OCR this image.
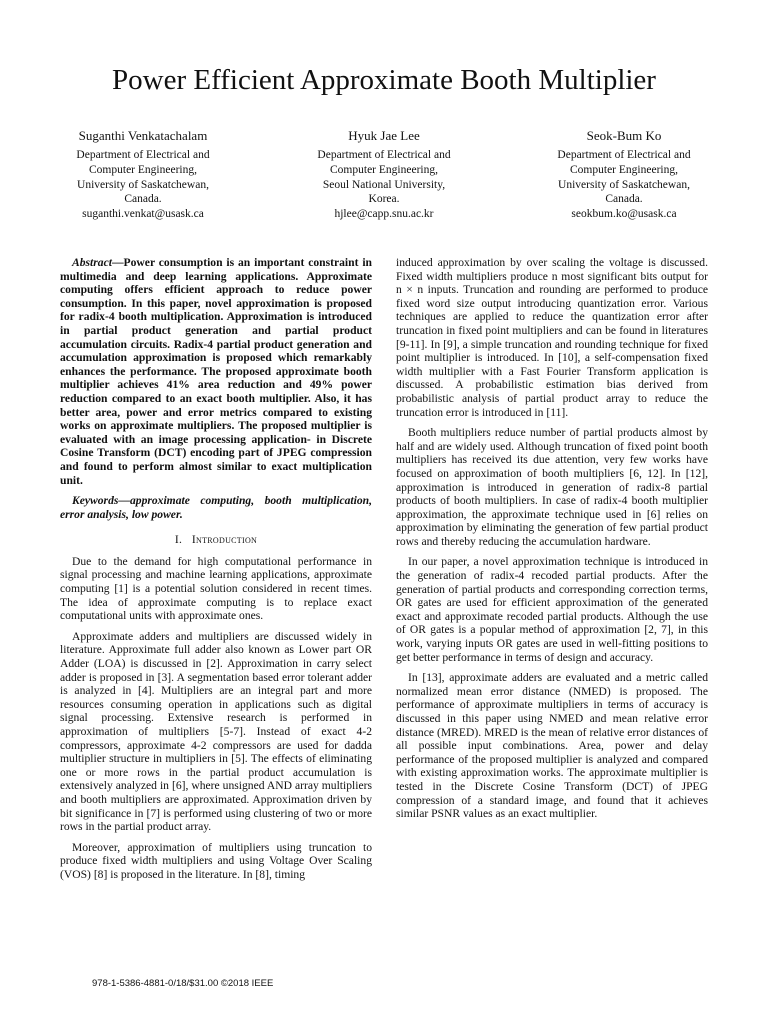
Power Efficient Approximate Booth Multiplier
Suganthi Venkatachalam
Department of Electrical and
Computer Engineering,
University of Saskatchewan,
Canada.
suganthi.venkat@usask.ca
Hyuk Jae Lee
Department of Electrical and
Computer Engineering,
Seoul National University,
Korea.
hjlee@capp.snu.ac.kr
Seok-Bum Ko
Department of Electrical and
Computer Engineering,
University of Saskatchewan,
Canada.
seokbum.ko@usask.ca

Abstract—Power consumption is an important constraint in multimedia and deep learning applications. Approximate computing offers efficient approach to reduce power consumption. In this paper, novel approximation is proposed for radix-4 booth multiplication. Approximation is introduced in partial product generation and partial product accumulation circuits. Radix-4 partial product generation and accumulation approximation is proposed which remarkably enhances the performance. The proposed approximate booth multiplier achieves 41% area reduction and 49% power reduction compared to an exact booth multiplier. Also, it has better area, power and error metrics compared to existing works on approximate multipliers. The proposed multiplier is evaluated with an image processing application- in Discrete Cosine Transform (DCT) encoding part of JPEG compression and found to perform almost similar to exact multiplication unit.

Keywords—approximate computing, booth multiplication, error analysis, low power.

I. Introduction

Due to the demand for high computational performance in signal processing and machine learning applications, approximate computing [1] is a potential solution considered in recent times. The idea of approximate computing is to replace exact computational units with approximate ones.

Approximate adders and multipliers are discussed widely in literature. Approximate full adder also known as Lower part OR Adder (LOA) is discussed in [2]. Approximation in carry select adder is proposed in [3]. A segmentation based error tolerant adder is analyzed in [4]. Multipliers are an integral part and more resources consuming operation in applications such as digital signal processing. Extensive research is performed in approximation of multipliers [5-7]. Instead of exact 4-2 compressors, approximate 4-2 compressors are used for dadda multiplier structure in multipliers in [5]. The effects of eliminating one or more rows in the partial product accumulation is extensively analyzed in [6], where unsigned AND array multipliers and booth multipliers are approximated. Approximation driven by bit significance in [7] is performed using clustering of two or more rows in the partial product array.

Moreover, approximation of multipliers using truncation to produce fixed width multipliers and using Voltage Over Scaling (VOS) [8] is proposed in the literature. In [8], timing

induced approximation by over scaling the voltage is discussed. Fixed width multipliers produce n most significant bits output for n × n inputs. Truncation and rounding are performed to produce fixed word size output introducing quantization error. Various techniques are applied to reduce the quantization error after truncation in fixed point multipliers and can be found in literatures [9-11]. In [9], a simple truncation and rounding technique for fixed point multiplier is introduced. In [10], a self-compensation fixed width multiplier with a Fast Fourier Transform application is discussed. A probabilistic estimation bias derived from probabilistic analysis of partial product array to reduce the truncation error is introduced in [11].

Booth multipliers reduce number of partial products almost by half and are widely used. Although truncation of fixed point booth multipliers has received its due attention, very few works have focused on approximation of booth multipliers [6, 12]. In [12], approximation is introduced in generation of radix-8 partial products of booth multipliers. In case of radix-4 booth multiplier approximation, the approximate technique used in [6] relies on approximation by eliminating the generation of few partial product rows and thereby reducing the accumulation hardware.

In our paper, a novel approximation technique is introduced in the generation of radix-4 recoded partial products. After the generation of partial products and corresponding correction terms, OR gates are used for efficient approximation of the generated exact and approximate recoded partial products. Although the use of OR gates is a popular method of approximation [2, 7], in this work, varying inputs OR gates are used in well-fitting positions to get better performance in terms of design and accuracy.

In [13], approximate adders are evaluated and a metric called normalized mean error distance (NMED) is proposed. The performance of approximate multipliers in terms of accuracy is discussed in this paper using NMED and mean relative error distance (MRED). MRED is the mean of relative error distances of all possible input combinations. Area, power and delay performance of the proposed multiplier is analyzed and compared with existing approximation works. The approximate multiplier is tested in the Discrete Cosine Transform (DCT) of JPEG compression of a standard image, and found that it achieves similar PSNR values as an exact multiplier.

978-1-5386-4881-0/18/$31.00 ©2018 IEEE
